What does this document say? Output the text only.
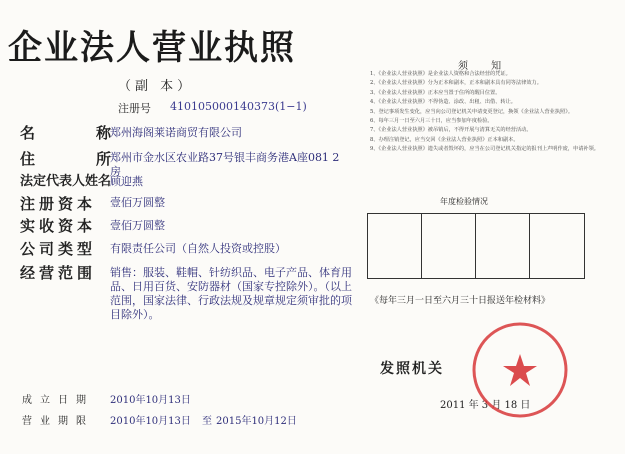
企业法人营业执照
（副 本）
注册号 410105000140373(1−1)
名　　　称
郑州海阁莱诺商贸有限公司
住　　　所
郑州市金水区农业路37号银丰商务港A座081 2房
法定代表人姓名
顾迎燕
注册资本 壹佰万圆整
实收资本 壹佰万圆整
公司类型 有限责任公司（自然人投资或控股）
经营范围 销售：服装、鞋帽、针纺织品、电子产品、体育用品、日用百货、安防器材（国家专控除外）。（以上范围，国家法律、行政法规及规章规定须审批的项目除外）。
成立日期 2010年10月13日
营业期限 2010年10月13日 至 2015年10月12日
须 知
1、《企业法人营业执照》是企业法人资格和合法经营的凭证。
2、《企业法人营业执照》分为正本和副本，正本和副本具有同等法律效力。
3、《企业法人营业执照》正本应当置于住所的醒目位置。
4、《企业法人营业执照》不得伪造、涂改、出租、出借、转让。
5、登记事项发生变化，应当向公司登记机关申请变更登记，换领《企业法人营业执照》。
6、每年三月一日至六月三十日，应当参加年度检验。
7、《企业法人营业执照》被吊销后，不得开展与清算无关的经营活动。
8、办理注销登记，应当交回《企业法人营业执照》正本和副本。
9、《企业法人营业执照》遗失或者毁坏的，应当在公司登记机关指定的报刊上声明作废，申请补领。
年度检验情况
《每年三月一日至六月三十日报送年检材料》
发照机关
2011 年 3 月 18 日
